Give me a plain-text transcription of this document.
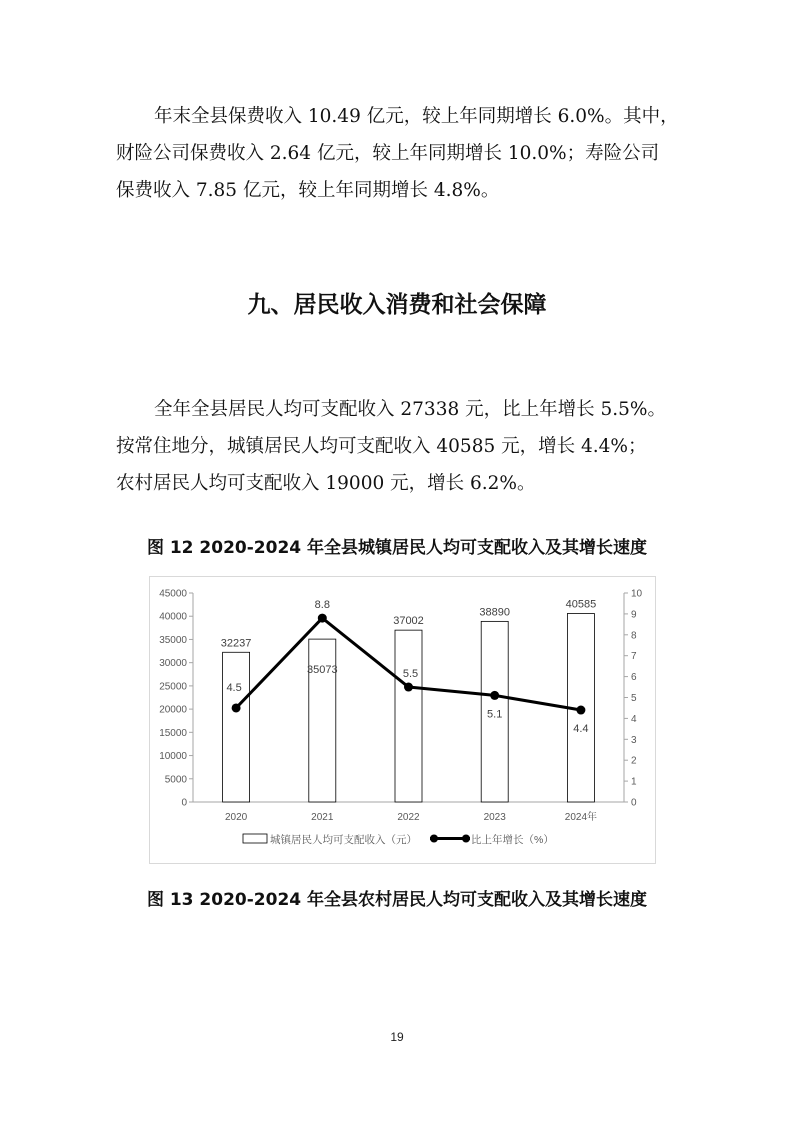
年末全县保费收入 10.49 亿元，较上年同期增长 6.0%。其中，
财险公司保费收入 2.64 亿元，较上年同期增长 10.0%；寿险公司
保费收入 7.85 亿元，较上年同期增长 4.8%。
九、居民收入消费和社会保障
全年全县居民人均可支配收入 27338 元，比上年增长 5.5%。
按常住地分，城镇居民人均可支配收入 40585 元，增长 4.4%；
农村居民人均可支配收入 19000 元，增长 6.2%。

图 12 2020-2024 年全县城镇居民人均可支配收入及其增长速度

0
5000
10000
15000
20000
25000
30000
35000
40000
45000
0
1
2
3
4
5
6
7
8
9
10
2020	2021	2022	2023	2024年
32237
35073
37002
38890
40585
4.5
8.8
5.5
5.1
4.4
城镇居民人均可支配收入（元）	比上年增长（%）

图 13 2020-2024 年全县农村居民人均可支配收入及其增长速度

19
